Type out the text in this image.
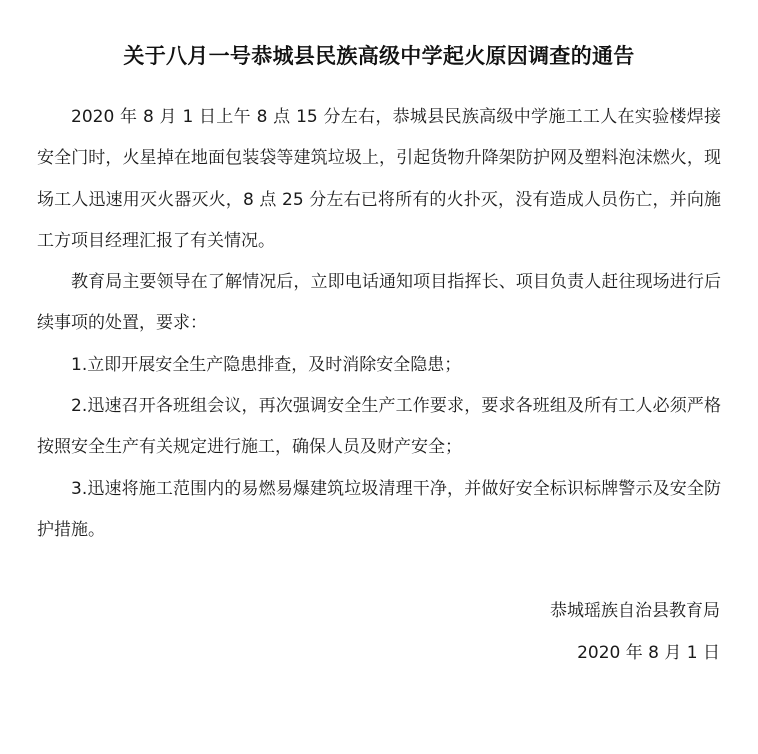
关于八月一号恭城县民族高级中学起火原因调查的通告

2020 年 8 月 1 日上午 8 点 15 分左右，恭城县民族高级中学施工工人在实验楼焊接安全门时，火星掉在地面包装袋等建筑垃圾上，引起货物升降架防护网及塑料泡沫燃火，现场工人迅速用灭火器灭火，8 点 25 分左右已将所有的火扑灭，没有造成人员伤亡，并向施工方项目经理汇报了有关情况。

教育局主要领导在了解情况后，立即电话通知项目指挥长、项目负责人赶往现场进行后续事项的处置，要求：

1.立即开展安全生产隐患排查，及时消除安全隐患；

2.迅速召开各班组会议，再次强调安全生产工作要求，要求各班组及所有工人必须严格按照安全生产有关规定进行施工，确保人员及财产安全；

3.迅速将施工范围内的易燃易爆建筑垃圾清理干净，并做好安全标识标牌警示及安全防护措施。

恭城瑶族自治县教育局

2020 年 8 月 1 日
